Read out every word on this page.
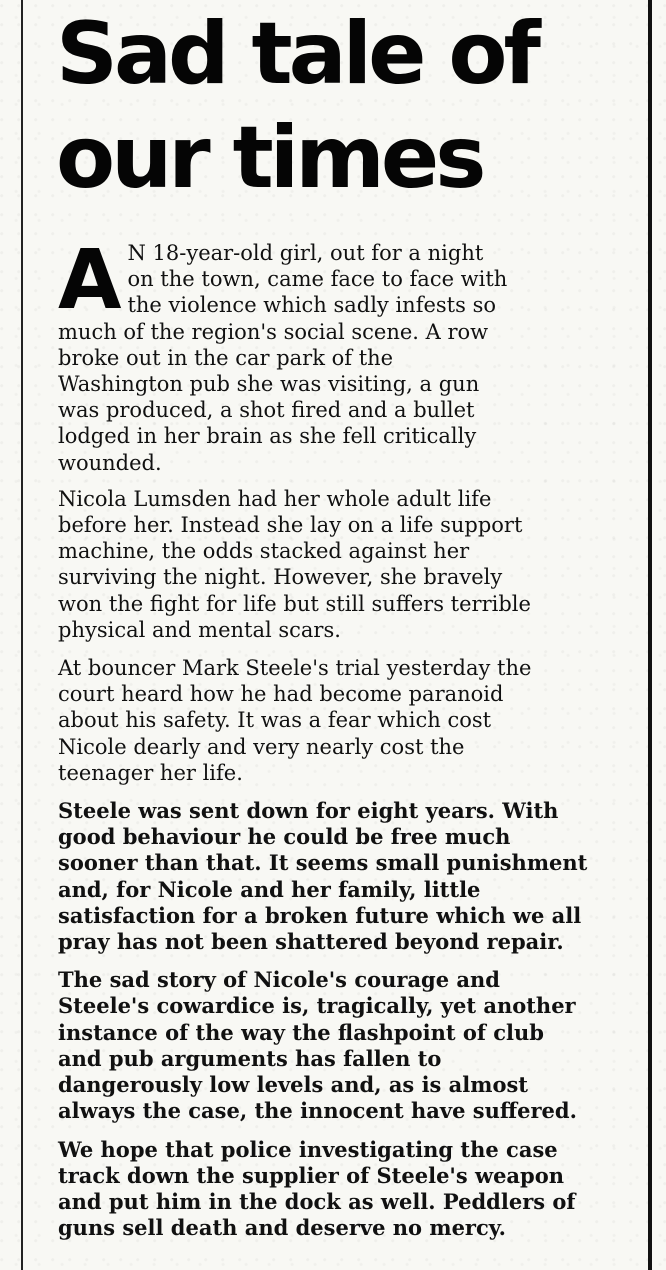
Sad tale of
our times

A N 18-year-old girl, out for a night
on the town, came face to face with
the violence which sadly infests so
much of the region's social scene. A row
broke out in the car park of the
Washington pub she was visiting, a gun
was produced, a shot fired and a bullet
lodged in her brain as she fell critically
wounded.

Nicola Lumsden had her whole adult life
before her. Instead she lay on a life support
machine, the odds stacked against her
surviving the night. However, she bravely
won the fight for life but still suffers terrible
physical and mental scars.

At bouncer Mark Steele's trial yesterday the
court heard how he had become paranoid
about his safety. It was a fear which cost
Nicole dearly and very nearly cost the
teenager her life.

Steele was sent down for eight years. With
good behaviour he could be free much
sooner than that. It seems small punishment
and, for Nicole and her family, little
satisfaction for a broken future which we all
pray has not been shattered beyond repair.

The sad story of Nicole's courage and
Steele's cowardice is, tragically, yet another
instance of the way the flashpoint of club
and pub arguments has fallen to
dangerously low levels and, as is almost
always the case, the innocent have suffered.

We hope that police investigating the case
track down the supplier of Steele's weapon
and put him in the dock as well. Peddlers of
guns sell death and deserve no mercy.
